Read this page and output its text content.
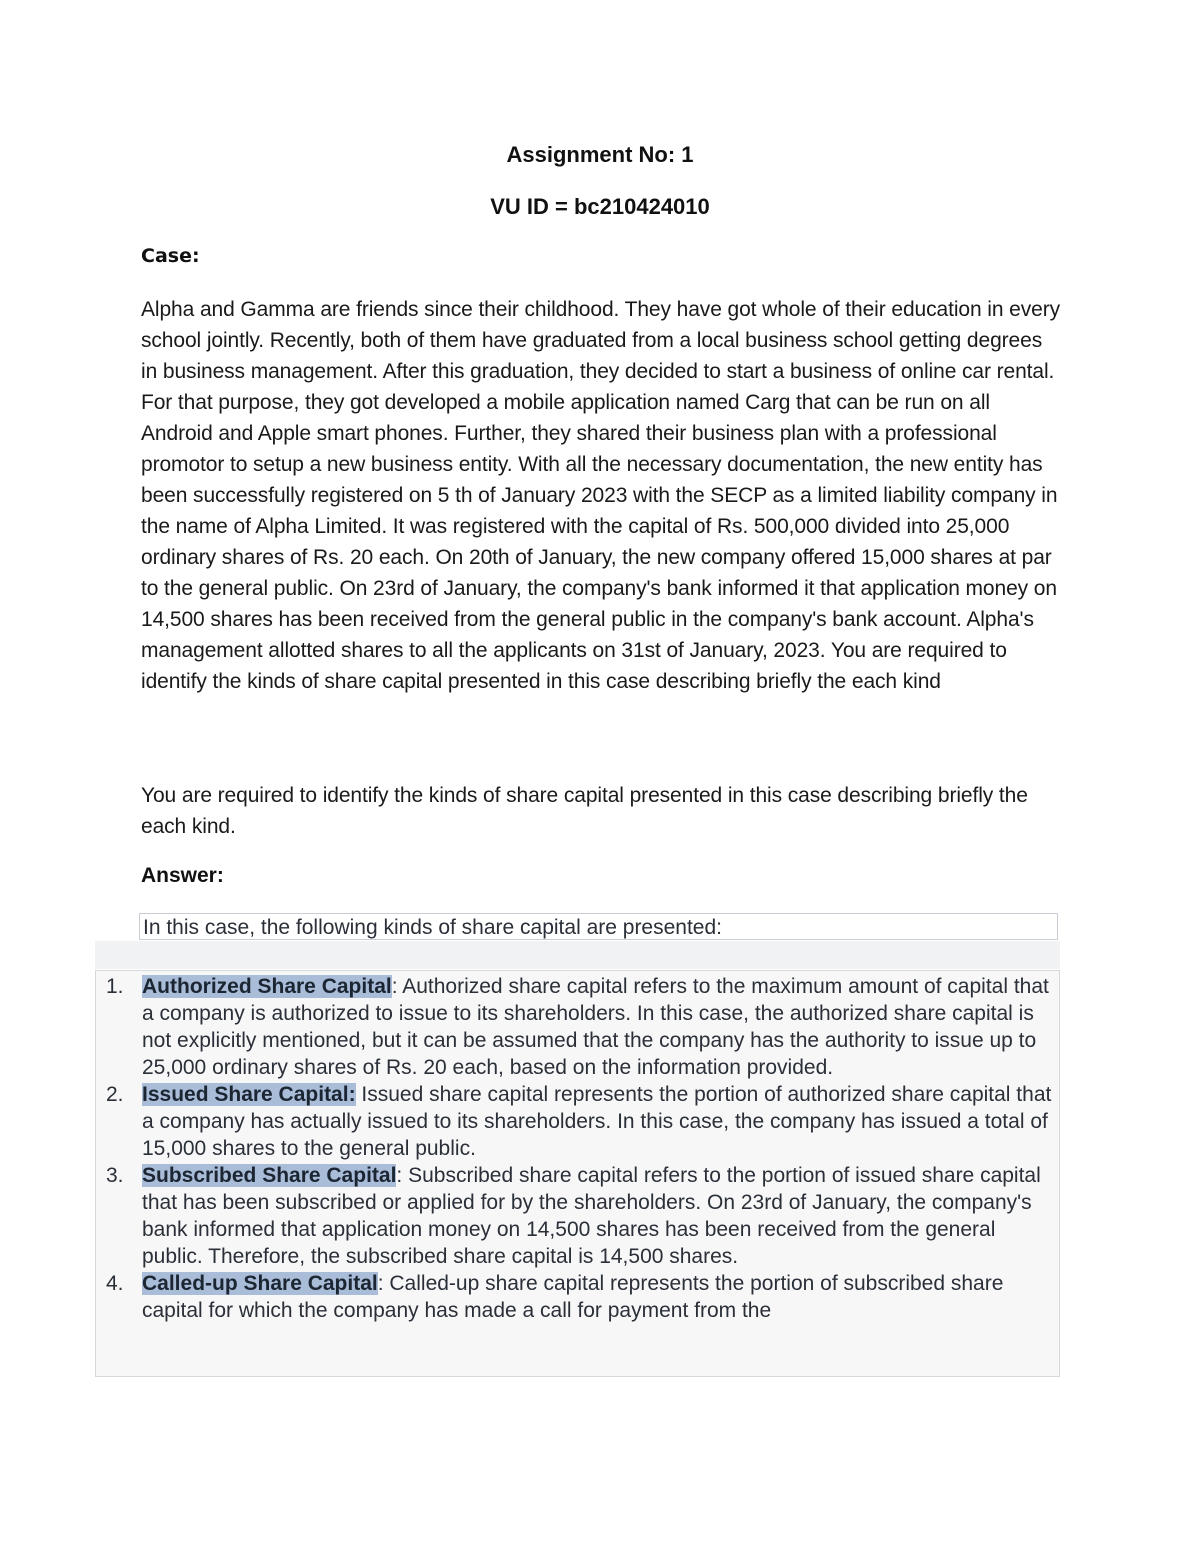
Assignment No: 1
VU ID = bc210424010
Case:
Alpha and Gamma are friends since their childhood. They have got whole of their education in every school jointly. Recently, both of them have graduated from a local business school getting degrees in business management. After this graduation, they decided to start a business of online car rental. For that purpose, they got developed a mobile application named Carg that can be run on all Android and Apple smart phones. Further, they shared their business plan with a professional promotor to setup a new business entity. With all the necessary documentation, the new entity has been successfully registered on 5 th of January 2023 with the SECP as a limited liability company in the name of Alpha Limited. It was registered with the capital of Rs. 500,000 divided into 25,000 ordinary shares of Rs. 20 each. On 20th of January, the new company offered 15,000 shares at par to the general public. On 23rd of January, the company's bank informed it that application money on 14,500 shares has been received from the general public in the company's bank account. Alpha's management allotted shares to all the applicants on 31st of January, 2023. You are required to identify the kinds of share capital presented in this case describing briefly the each kind
You are required to identify the kinds of share capital presented in this case describing briefly the each kind.
Answer:
In this case, the following kinds of share capital are presented:
1. Authorized Share Capital: Authorized share capital refers to the maximum amount of capital that a company is authorized to issue to its shareholders. In this case, the authorized share capital is not explicitly mentioned, but it can be assumed that the company has the authority to issue up to 25,000 ordinary shares of Rs. 20 each, based on the information provided.
2. Issued Share Capital: Issued share capital represents the portion of authorized share capital that a company has actually issued to its shareholders. In this case, the company has issued a total of 15,000 shares to the general public.
3. Subscribed Share Capital: Subscribed share capital refers to the portion of issued share capital that has been subscribed or applied for by the shareholders. On 23rd of January, the company's bank informed that application money on 14,500 shares has been received from the general public. Therefore, the subscribed share capital is 14,500 shares.
4. Called-up Share Capital: Called-up share capital represents the portion of subscribed share capital for which the company has made a call for payment from the
